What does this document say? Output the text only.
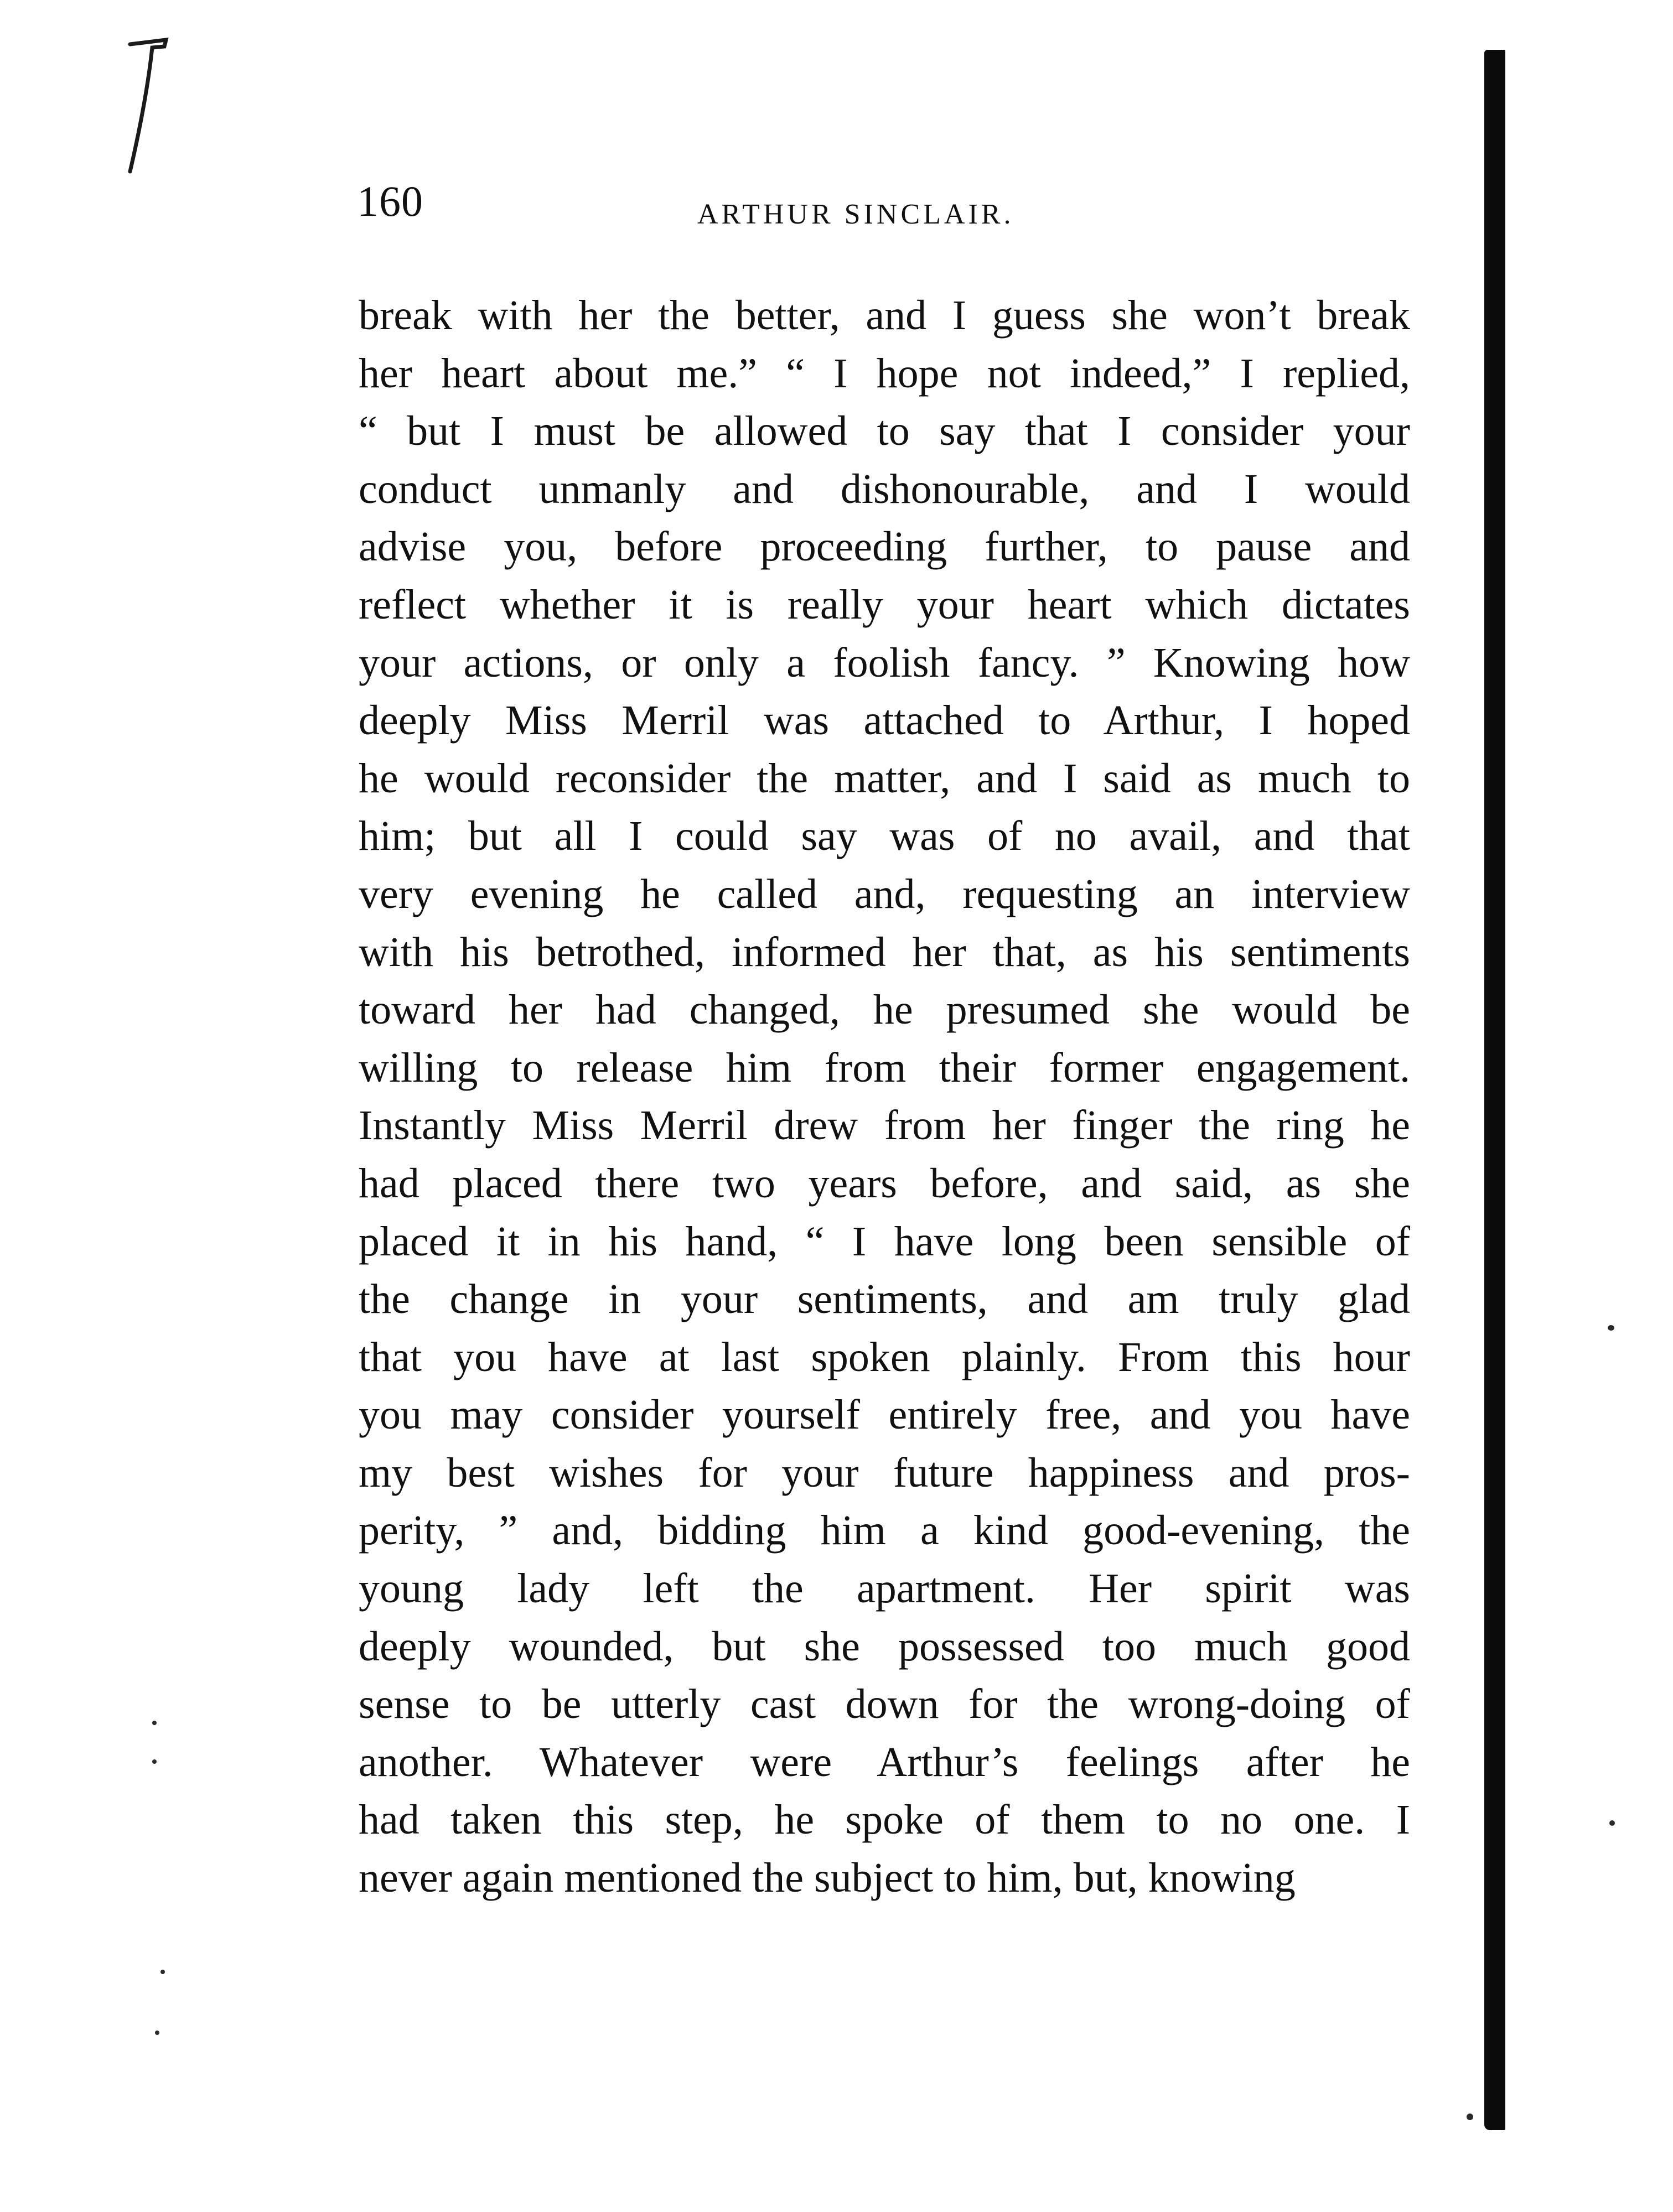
160	ARTHUR SINCLAIR.
break with her the better, and I guess she won’t break
her heart about me.” “ I hope not indeed,” I replied,
“ but I must be allowed to say that I consider your
conduct unmanly and dishonourable, and I would
advise you, before proceeding further, to pause and
reflect whether it is really your heart which dictates
your actions, or only a foolish fancy. ” Knowing how
deeply Miss Merril was attached to Arthur, I hoped
he would reconsider the matter, and I said as much to
him; but all I could say was of no avail, and that
very evening he called and, requesting an interview
with his betrothed, informed her that, as his sentiments
toward her had changed, he presumed she would be
willing to release him from their former engagement.
Instantly Miss Merril drew from her finger the ring he
had placed there two years before, and said, as she
placed it in his hand, “ I have long been sensible of
the change in your sentiments, and am truly glad
that you have at last spoken plainly. From this hour
you may consider yourself entirely free, and you have
my best wishes for your future happiness and pros-
perity, ” and, bidding him a kind good-evening, the
young lady left the apartment. Her spirit was
deeply wounded, but she possessed too much good
sense to be utterly cast down for the wrong-doing of
another. Whatever were Arthur’s feelings after he
had taken this step, he spoke of them to no one. I
never again mentioned the subject to him, but, knowing
